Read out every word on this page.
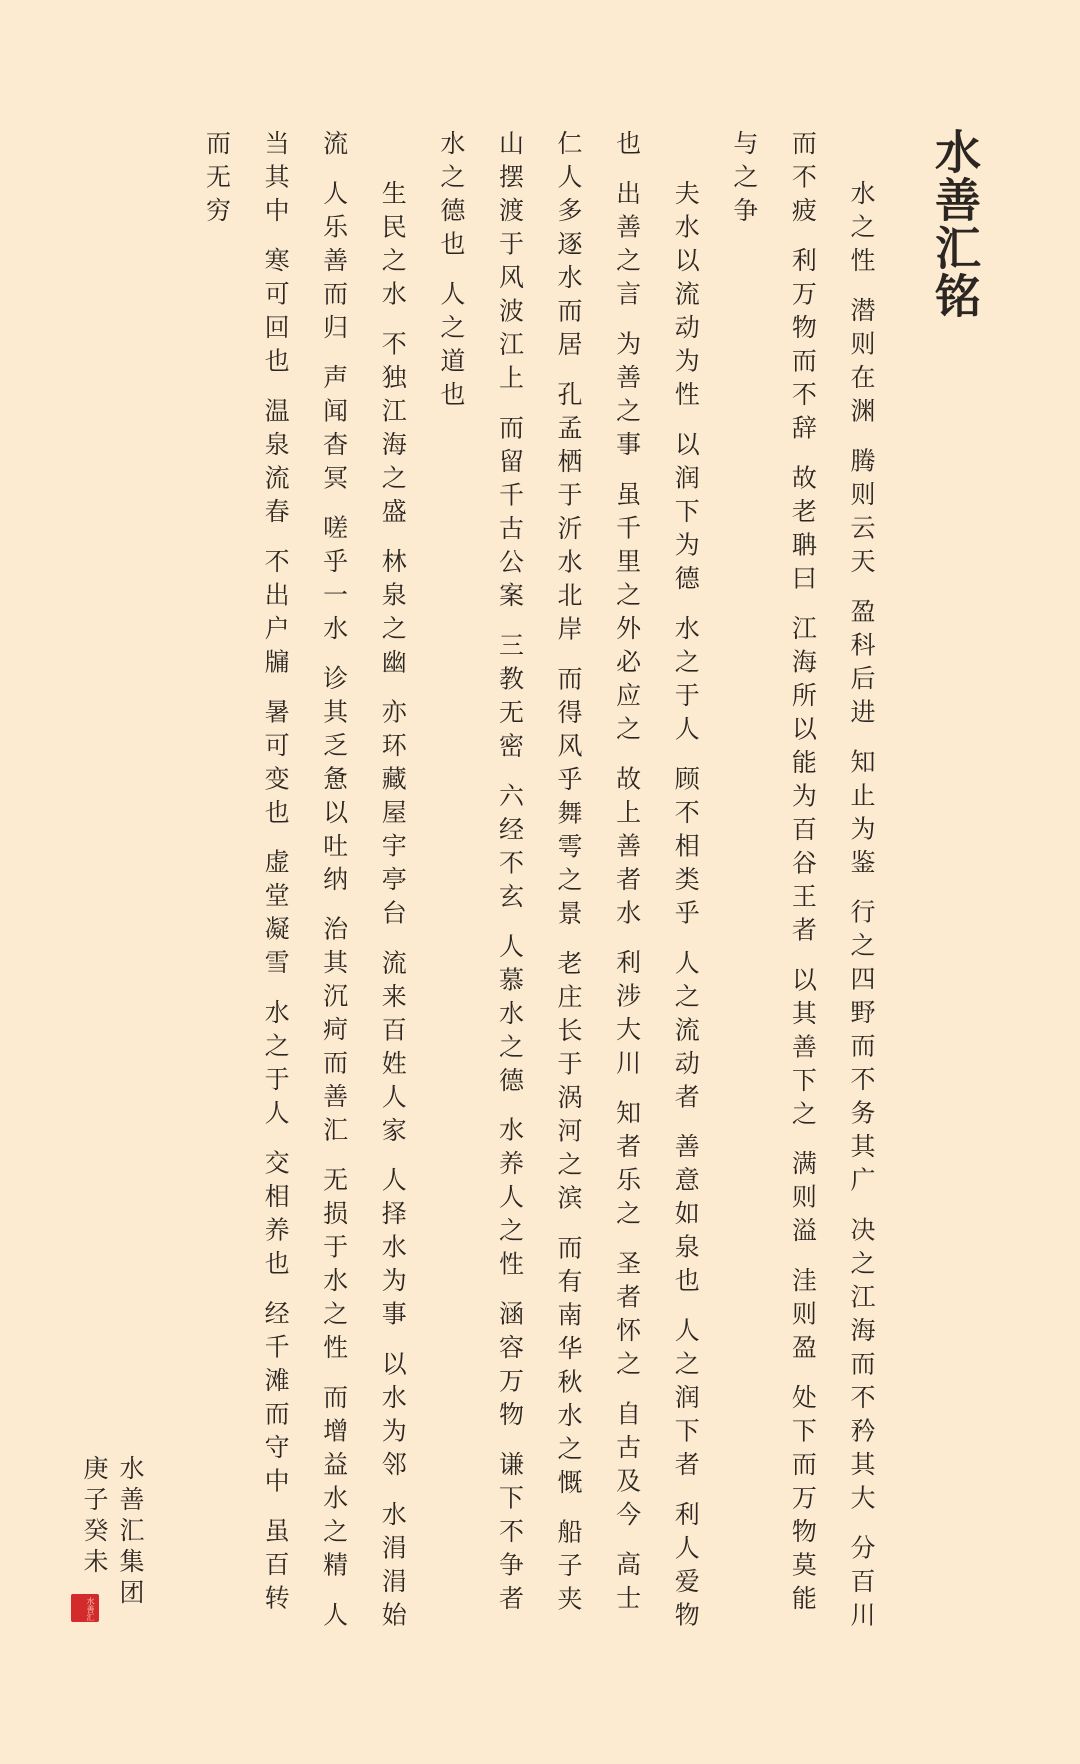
水善汇铭

水之性 潜则在渊 腾则云天 盈科后进 知止为鉴 行之四野而不务其广 决之江海而不矜其大 分百川而不疲 利万物而不辞 故老聃曰 江海所以能为百谷王者 以其善下之 满则溢 洼则盈 处下而万物莫能与之争

夫水以流动为性 以润下为德 水之于人 顾不相类乎 人之流动者 善意如泉也 人之润下者 利人爱物也 出善之言 为善之事 虽千里之外必应之 故上善者水 利涉大川 知者乐之 圣者怀之 自古及今 高士仁人多逐水而居 孔孟栖于沂水北岸 而得风乎舞雩之景 老庄长于涡河之滨 而有南华秋水之慨 船子夹山摆渡于风波江上 而留千古公案 三教无密 六经不玄 人慕水之德 水养人之性 涵容万物 谦下不争者 水之德也 人之道也

生民之水 不独江海之盛 林泉之幽 亦环藏屋宇亭台 流来百姓人家 人择水为事 以水为邻 水涓涓始流 人乐善而归 声闻杳冥 嗟乎一水 诊其乏惫以吐纳 治其沉疴而善汇 无损于水之性 而增益水之精 人当其中 寒可回也 温泉流春 不出户牖 暑可变也 虚堂凝雪 水之于人 交相养也 经千滩而守中 虽百转而无穷

水善汇集团
庚子癸未
水善汇
